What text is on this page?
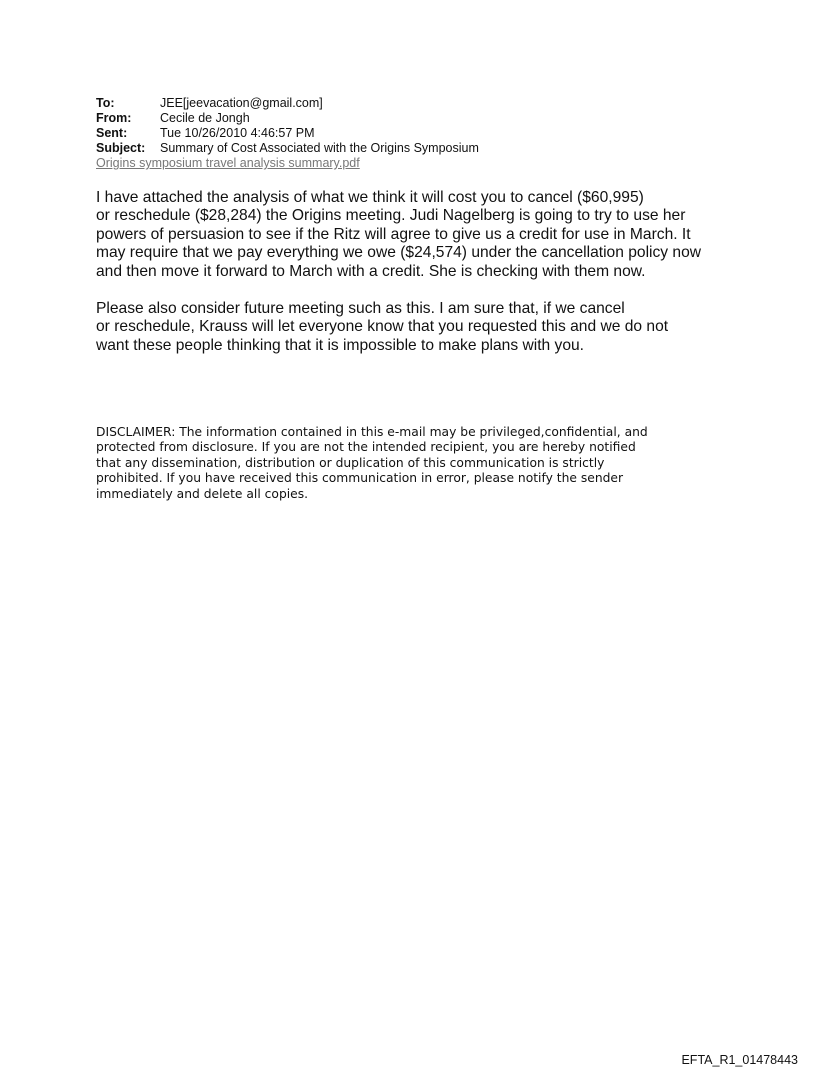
To:	JEE[jeevacation@gmail.com]
From:	Cecile de Jongh
Sent:	Tue 10/26/2010 4:46:57 PM
Subject:	Summary of Cost Associated with the Origins Symposium
Origins symposium travel analysis summary.pdf
I have attached the analysis of what we think it will cost you to cancel ($60,995)
or reschedule ($28,284) the Origins meeting. Judi Nagelberg is going to try to use her
powers of persuasion to see if the Ritz will agree to give us a credit for use in March. It
may require that we pay everything we owe ($24,574) under the cancellation policy now
and then move it forward to March with a credit. She is checking with them now.
Please also consider future meeting such as this. I am sure that, if we cancel
or reschedule, Krauss will let everyone know that you requested this and we do not
want these people thinking that it is impossible to make plans with you.
DISCLAIMER: The information contained in this e-mail may be privileged,confidential, and
protected from disclosure. If you are not the intended recipient, you are hereby notified
that any dissemination, distribution or duplication of this communication is strictly
prohibited. If you have received this communication in error, please notify the sender
immediately and delete all copies.
EFTA_R1_01478443
